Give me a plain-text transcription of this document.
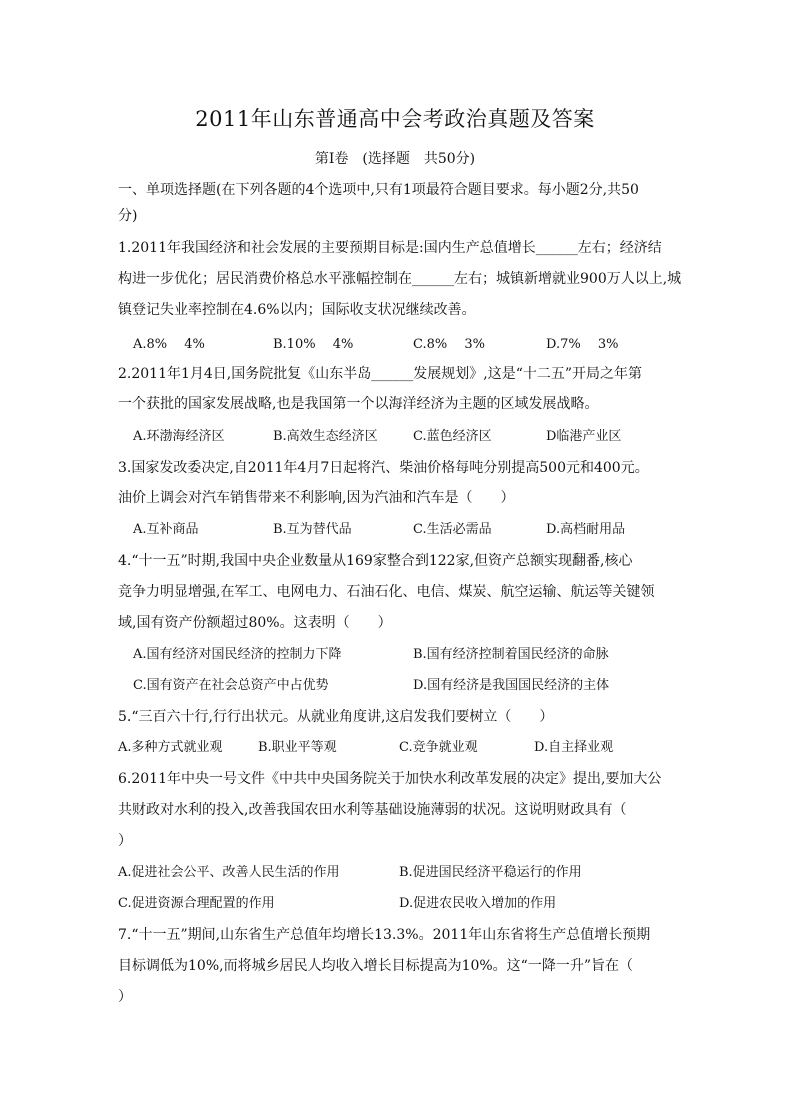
2011年山东普通高中会考政治真题及答案
第Ⅰ卷　(选择题　共50分)
一、单项选择题(在下列各题的4个选项中,只有1项最符合题目要求。每小题2分,共50
分)
1.2011年我国经济和社会发展的主要预期目标是:国内生产总值增长______左右；经济结
构进一步优化；居民消费价格总水平涨幅控制在______左右；城镇新增就业900万人以上,城
镇登记失业率控制在4.6%以内；国际收支状况继续改善。
A.8%　 4%	B.10%　 4%	C.8%　 3%	D.7%　 3%
2.2011年1月4日,国务院批复《山东半岛______发展规划》,这是“十二五”开局之年第
一个获批的国家发展战略,也是我国第一个以海洋经济为主题的区域发展战略。
A.环渤海经济区	B.高效生态经济区	C.蓝色经济区	D临港产业区
3.国家发改委决定,自2011年4月7日起将汽、柴油价格每吨分别提高500元和400元。
油价上调会对汽车销售带来不利影响,因为汽油和汽车是（　　）
A.互补商品	B.互为替代品	C.生活必需品	D.高档耐用品
4.“十一五”时期,我国中央企业数量从169家整合到122家,但资产总额实现翻番,核心
竞争力明显增强,在军工、电网电力、石油石化、电信、煤炭、航空运输、航运等关键领
域,国有资产份额超过80%。这表明（　　）
A.国有经济对国民经济的控制力下降	B.国有经济控制着国民经济的命脉
C.国有资产在社会总资产中占优势	D.国有经济是我国国民经济的主体
5.“三百六十行,行行出状元。从就业角度讲,这启发我们要树立（　　）
A.多种方式就业观	B.职业平等观	C.竞争就业观	D.自主择业观
6.2011年中央一号文件《中共中央国务院关于加快水利改革发展的决定》提出,要加大公
共财政对水利的投入,改善我国农田水利等基础设施薄弱的状况。这说明财政具有（
）
A.促进社会公平、改善人民生活的作用	B.促进国民经济平稳运行的作用
C.促进资源合理配置的作用	D.促进农民收入增加的作用
7.“十一五”期间,山东省生产总值年均增长13.3%。2011年山东省将生产总值增长预期
目标调低为10%,而将城乡居民人均收入增长目标提高为10%。这“一降一升”旨在（
）
